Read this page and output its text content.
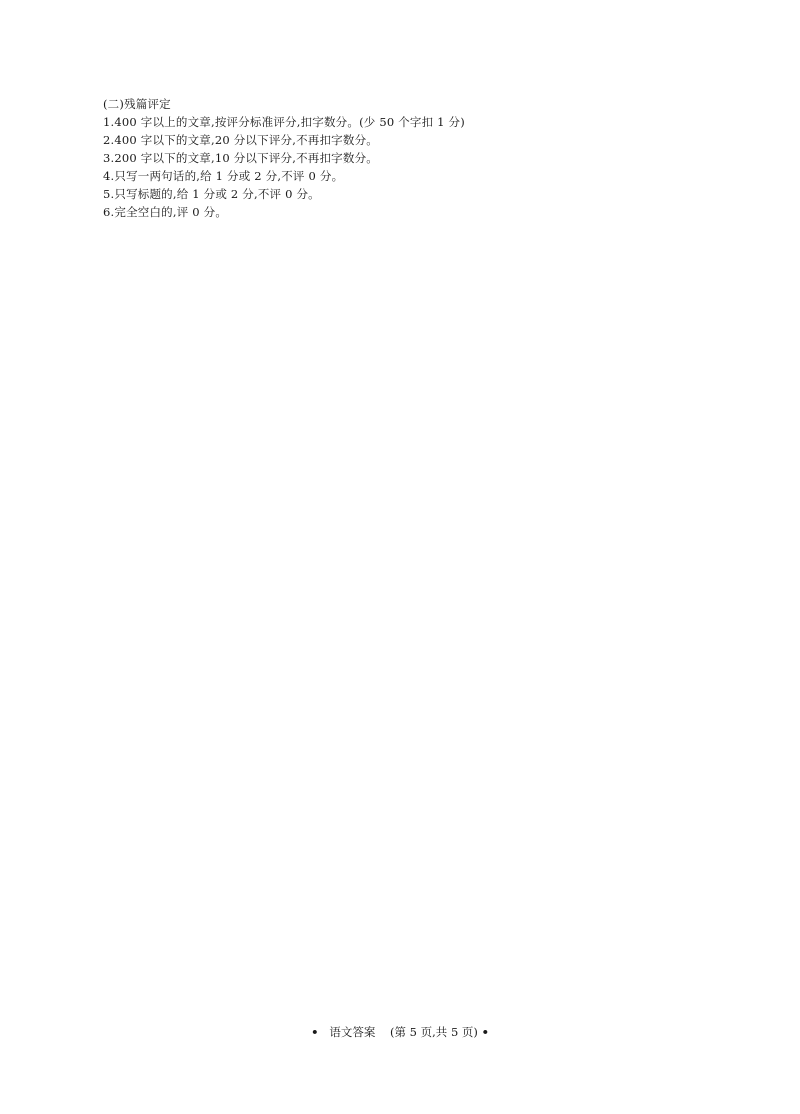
(二)残篇评定
1.400 字以上的文章,按评分标准评分,扣字数分。(少 50 个字扣 1 分)
2.400 字以下的文章,20 分以下评分,不再扣字数分。
3.200 字以下的文章,10 分以下评分,不再扣字数分。
4.只写一两句话的,给 1 分或 2 分,不评 0 分。
5.只写标题的,给 1 分或 2 分,不评 0 分。
6.完全空白的,评 0 分。
• 语文答案 (第 5 页,共 5 页) •
